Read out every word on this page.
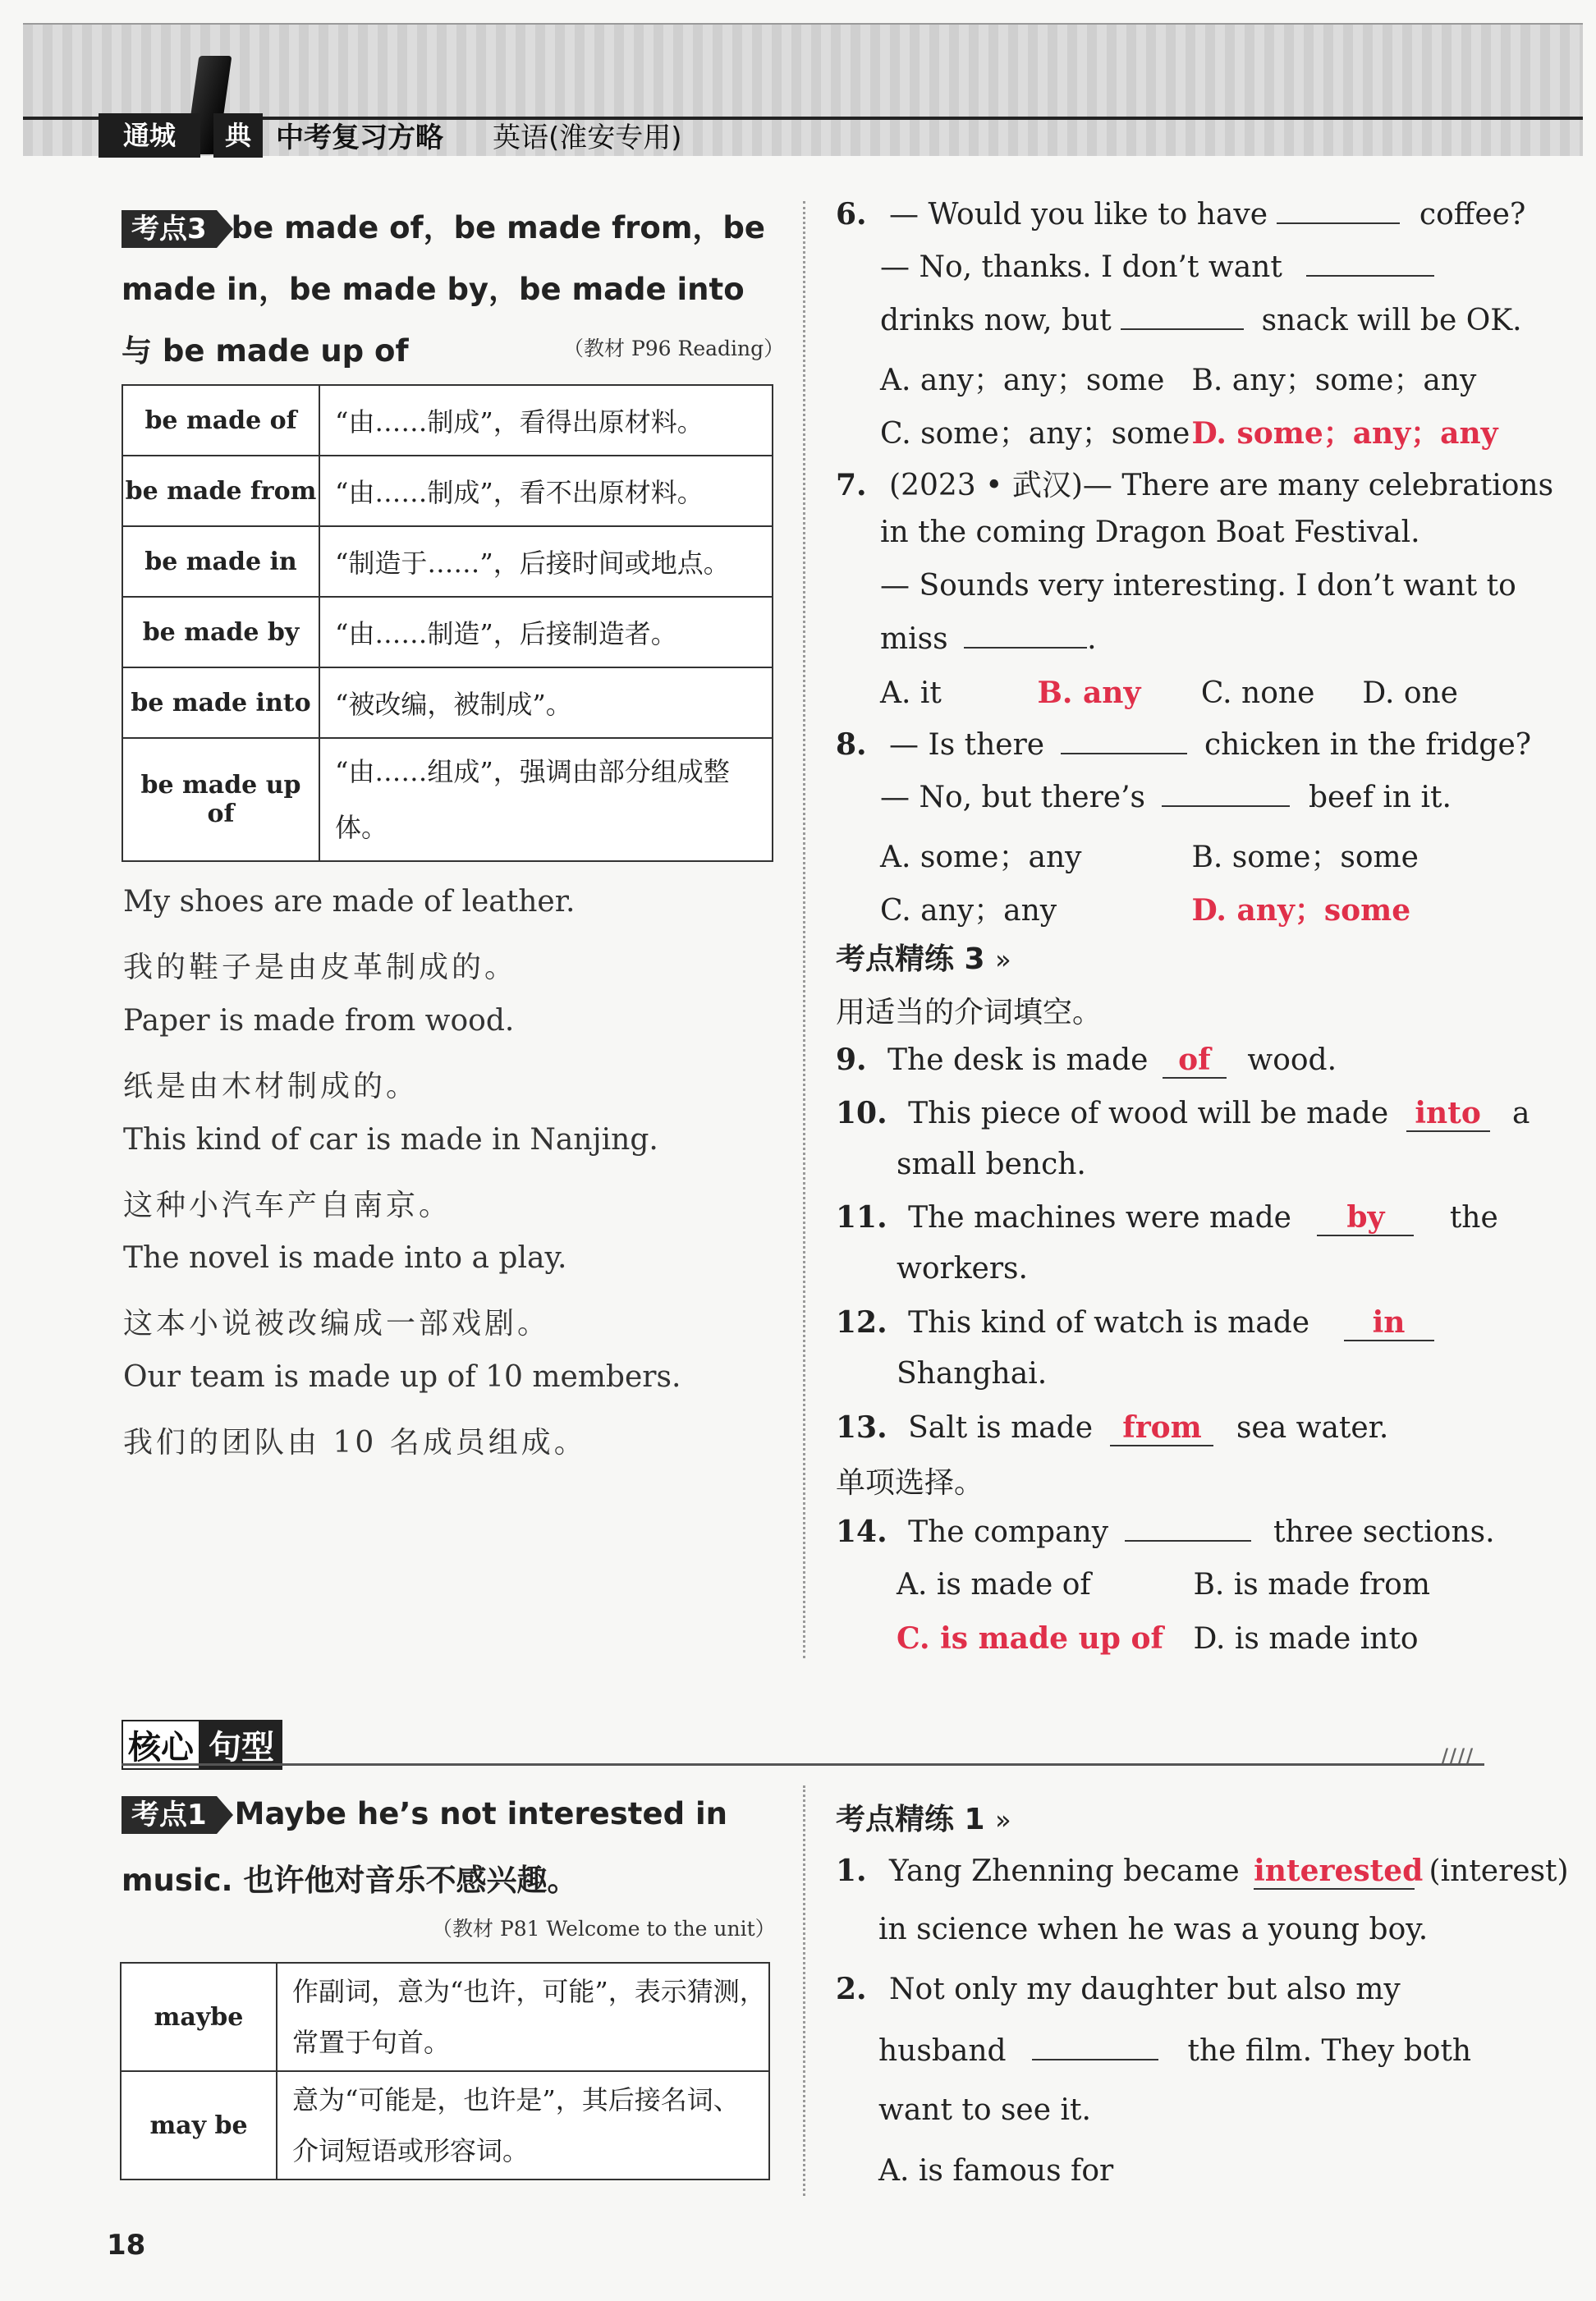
通城	典 中考复习方略 英语(淮安专用)
考点3 be made of，be made from，be made in，be made by，be made into 与 be made up of	（教材 P96 Reading）
be made of	“由……制成”，看得出原材料。
be made from	“由……制成”，看不出原材料。
be made in	“制造于……”，后接时间或地点。
be made by	“由……制造”，后接制造者。
be made into	“被改编，被制成”。
be made up of	“由……组成”，强调由部分组成整体。
My shoes are made of leather.
我的鞋子是由皮革制成的。
Paper is made from wood.
纸是由木材制成的。
This kind of car is made in Nanjing.
这种小汽车产自南京。
The novel is made into a play.
这本小说被改编成一部戏剧。
Our team is made up of 10 members.
我们的团队由 10 名成员组成。
6. — Would you like to have	coffee?
— No, thanks. I don’t want
drinks now, but	snack will be OK.
A. any；any；some B. any；some；any
C. some；any；some D. some；any；any
7. (2023 • 武汉)— There are many celebrations
in the coming Dragon Boat Festival.
— Sounds very interesting. I don’t want to
miss	.
A. it	B. any C. none D. one
8. — Is there	chicken in the fridge?
— No, but there’s	beef in it.
A. some；any	B. some；some
C. any；any	D. any；some
考点精练 3 »
用适当的介词填空。
9. The desk is made of wood.
10. This piece of wood will be made into a
small bench.
11. The machines were made by the
workers.
12. This kind of watch is made in
Shanghai.
13. Salt is made from sea water.
单项选择。
14. The company	three sections.
A. is made of	B. is made from
C. is made up of D. is made into
核心 句型	////
考点1 Maybe he’s not interested in
music. 也许他对音乐不感兴趣。
（教材 P81 Welcome to the unit）
maybe	作副词，意为“也许，可能”，表示猜测，
常置于句首。

may be	意为“可能是，也许是”，其后接名词、
介词短语或形容词。
考点精练 1 »
1. Yang Zhenning became interested (interest)
in science when he was a young boy.
2. Not only my daughter but also my
husband	the film. They both
want to see it.
A. is famous for
18
